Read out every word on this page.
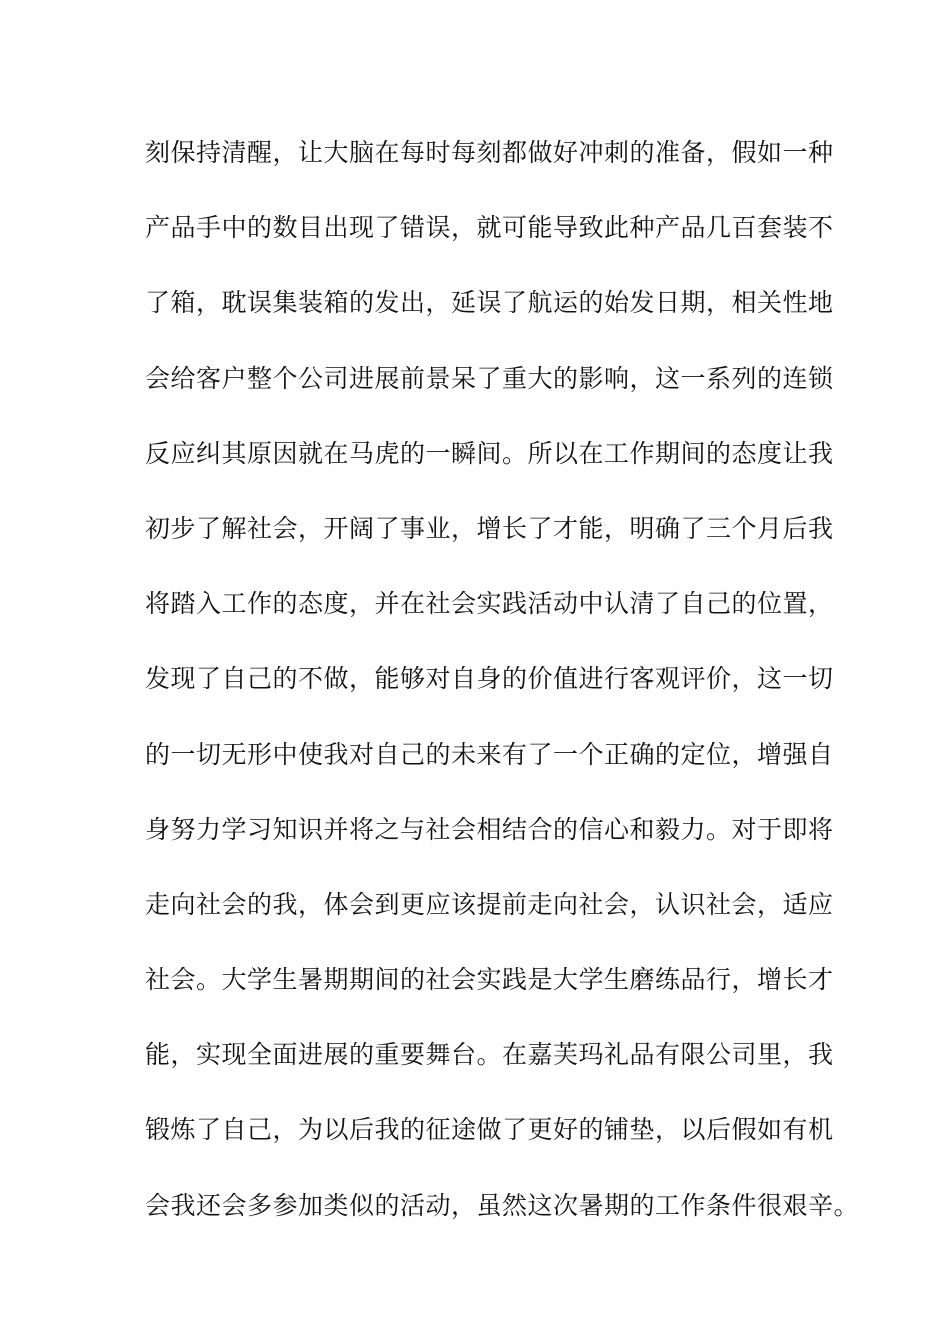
刻保持清醒，让大脑在每时每刻都做好冲刺的准备，假如一种
产品手中的数目出现了错误，就可能导致此种产品几百套装不
了箱，耽误集装箱的发出，延误了航运的始发日期，相关性地
会给客户整个公司进展前景呆了重大的影响，这一系列的连锁
反应纠其原因就在马虎的一瞬间。所以在工作期间的态度让我
初步了解社会，开阔了事业，增长了才能，明确了三个月后我
将踏入工作的态度，并在社会实践活动中认清了自己的位置，
发现了自己的不做，能够对自身的价值进行客观评价，这一切
的一切无形中使我对自己的未来有了一个正确的定位，增强自
身努力学习知识并将之与社会相结合的信心和毅力。对于即将
走向社会的我，体会到更应该提前走向社会，认识社会，适应
社会。大学生暑期期间的社会实践是大学生磨练品行，增长才
能，实现全面进展的重要舞台。在嘉芙玛礼品有限公司里，我
锻炼了自己，为以后我的征途做了更好的铺垫，以后假如有机
会我还会多参加类似的活动，虽然这次暑期的工作条件很艰辛。
